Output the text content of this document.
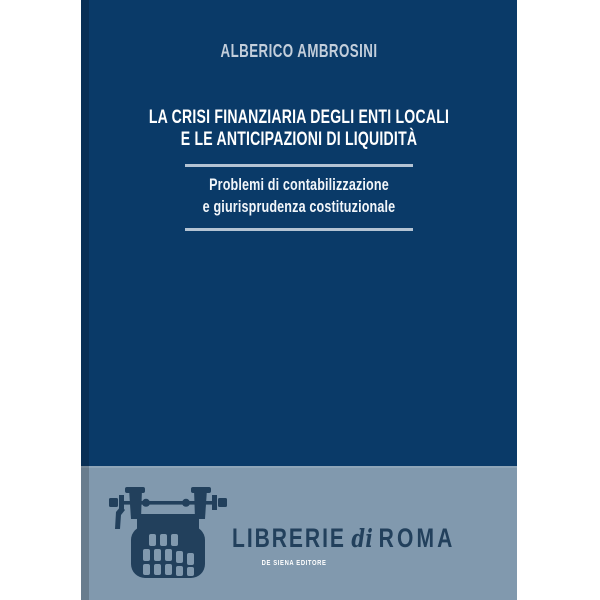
ALBERICO AMBROSINI
LA CRISI FINANZIARIA DEGLI ENTI LOCALI
E LE ANTICIPAZIONI DI LIQUIDITÀ
Problemi di contabilizzazione
e giurisprudenza costituzionale
LIBRERIE di ROMA
DE SIENA EDITORE
